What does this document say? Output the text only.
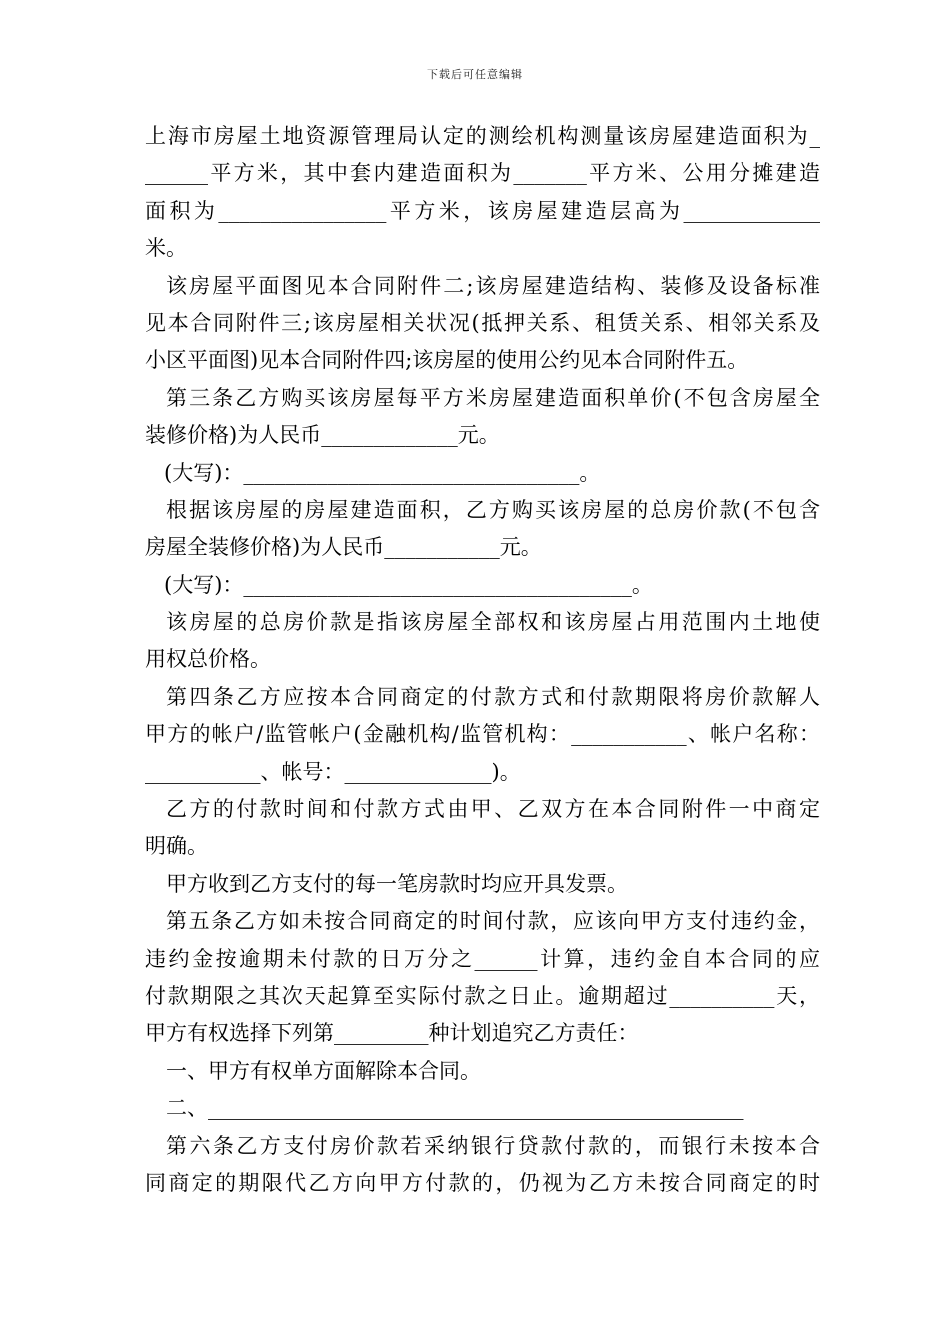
下载后可任意编辑
上海市房屋土地资源管理局认定的测绘机构测量该房屋建造面积为_
______平方米，其中套内建造面积为_______平方米、公用分摊建造
面积为________________平方米，该房屋建造层高为_____________
米。
该房屋平面图见本合同附件二;该房屋建造结构、装修及设备标准
见本合同附件三;该房屋相关状况(抵押关系、租赁关系、相邻关系及
小区平面图)见本合同附件四;该房屋的使用公约见本合同附件五。
第三条乙方购买该房屋每平方米房屋建造面积单价(不包含房屋全
装修价格)为人民币_____________元。
(大写)：________________________________。
根据该房屋的房屋建造面积，乙方购买该房屋的总房价款(不包含
房屋全装修价格)为人民币___________元。
(大写)：_____________________________________。
该房屋的总房价款是指该房屋全部权和该房屋占用范围内土地使
用权总价格。
第四条乙方应按本合同商定的付款方式和付款期限将房价款解人
甲方的帐户/监管帐户(金融机构/监管机构：___________、帐户名称：
___________、帐号：______________)。
乙方的付款时间和付款方式由甲、乙双方在本合同附件一中商定
明确。
甲方收到乙方支付的每一笔房款时均应开具发票。
第五条乙方如未按合同商定的时间付款，应该向甲方支付违约金，
违约金按逾期未付款的日万分之______计算，违约金自本合同的应
付款期限之其次天起算至实际付款之日止。逾期超过__________天，
甲方有权选择下列第_________种计划追究乙方责任：
一、甲方有权单方面解除本合同。
二、___________________________________________________
第六条乙方支付房价款若采纳银行贷款付款的，而银行未按本合
同商定的期限代乙方向甲方付款的，仍视为乙方未按合同商定的时
